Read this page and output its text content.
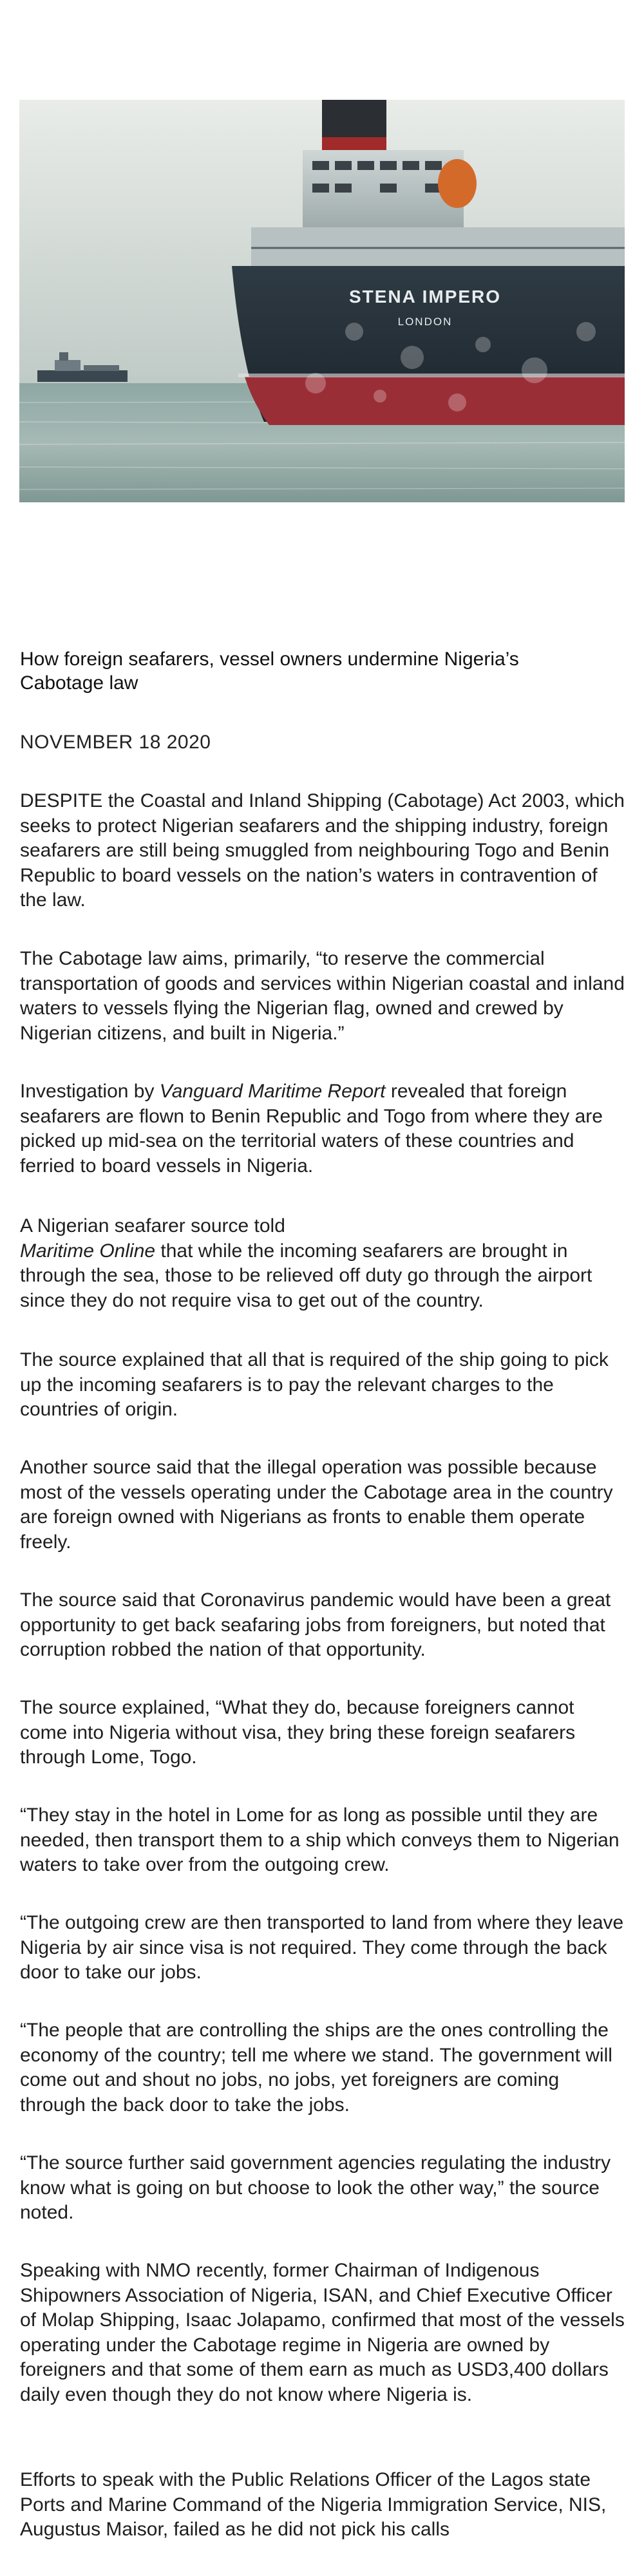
STENA IMPERO
LONDON
How foreign seafarers, vessel owners undermine Nigeria’s Cabotage law

NOVEMBER 18 2020

DESPITE the Coastal and Inland Shipping (Cabotage) Act 2003, which seeks to protect Nigerian seafarers and the shipping industry, foreign seafarers are still being smuggled from neighbouring Togo and Benin Republic to board vessels on the nation’s waters in contravention of the law.

The Cabotage law aims, primarily, “to reserve the commercial transportation of goods and services within Nigerian coastal and inland waters to vessels flying the Nigerian flag, owned and crewed by Nigerian citizens, and built in Nigeria.”

Investigation by Vanguard Maritime Report revealed that foreign seafarers are flown to Benin Republic and Togo from where they are picked up mid-sea on the territorial waters of these countries and ferried to board vessels in Nigeria.

A Nigerian seafarer source told
Maritime Online that while the incoming seafarers are brought in through the sea, those to be relieved off duty go through the airport since they do not require visa to get out of the country.

The source explained that all that is required of the ship going to pick up the incoming seafarers is to pay the relevant charges to the countries of origin.

Another source said that the illegal operation was possible because most of the vessels operating under the Cabotage area in the country are foreign owned with Nigerians as fronts to enable them operate freely.

The source said that Coronavirus pandemic would have been a great opportunity to get back seafaring jobs from foreigners, but noted that corruption robbed the nation of that opportunity.

The source explained, “What they do, because foreigners cannot come into Nigeria without visa, they bring these foreign seafarers through Lome, Togo.

“They stay in the hotel in Lome for as long as possible until they are needed, then transport them to a ship which conveys them to Nigerian waters to take over from the outgoing crew.

“The outgoing crew are then transported to land from where they leave Nigeria by air since visa is not required. They come through the back door to take our jobs.

“The people that are controlling the ships are the ones controlling the economy of the country; tell me where we stand. The government will come out and shout no jobs, no jobs, yet foreigners are coming through the back door to take the jobs.

“The source further said government agencies regulating the industry know what is going on but choose to look the other way,” the source noted.

Speaking with NMO recently, former Chairman of Indigenous Shipowners Association of Nigeria, ISAN, and Chief Executive Officer of Molap Shipping, Isaac Jolapamo, confirmed that most of the vessels operating under the Cabotage regime in Nigeria are owned by foreigners and that some of them earn as much as USD3,400 dollars daily even though they do not know where Nigeria is.

Efforts to speak with the Public Relations Officer of the Lagos state Ports and Marine Command of the Nigeria Immigration Service, NIS, Augustus Maisor, failed as he did not pick his calls
